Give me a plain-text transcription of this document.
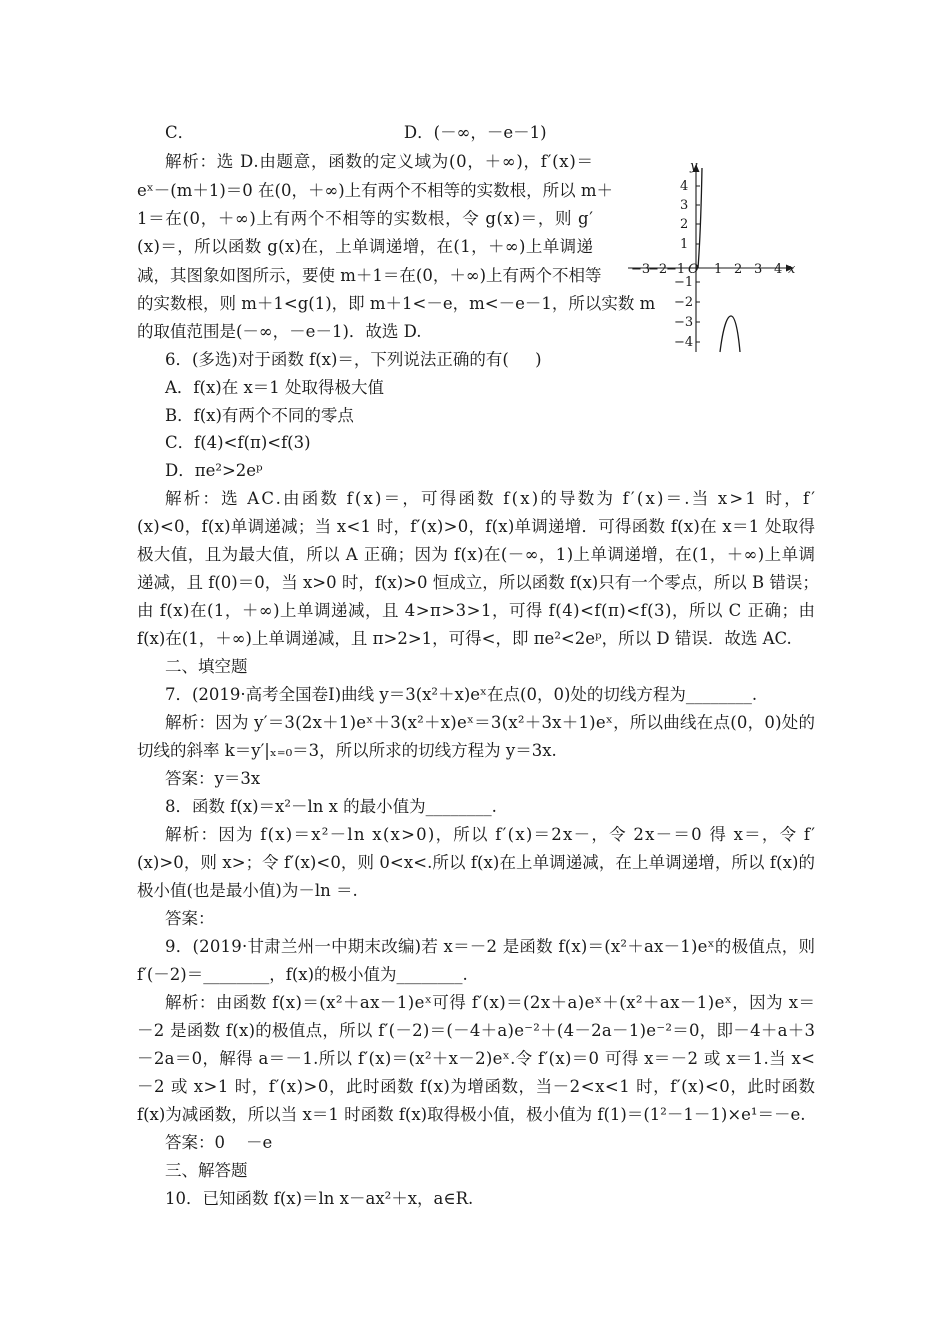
C．                                        D．(－∞，－e－1)
解析：选 D.由题意，函数的定义域为(0，＋∞)，f′(x)＝
eˣ－(m＋1)＝0 在(0，＋∞)上有两个不相等的实数根，所以 m＋
1＝在(0，＋∞)上有两个不相等的实数根，令 g(x)＝，则 g′
(x)＝，所以函数 g(x)在，上单调递增，在(1，＋∞)上单调递
减，其图象如图所示，要使 m＋1＝在(0，＋∞)上有两个不相等
的实数根，则 m＋1<g(1)，即 m＋1<－e，m<－e－1，所以实数 m
的取值范围是(－∞，－e－1)．故选 D.
6．(多选)对于函数 f(x)＝，下列说法正确的有(     )
A．f(x)在 x＝1 处取得极大值
B．f(x)有两个不同的零点
C．f(4)<f(π)<f(3)
D．πe²>2eᵖ
解析：选 AC.由函数 f(x)＝，可得函数 f(x)的导数为 f′(x)＝.当 x>1 时，f′
(x)<0，f(x)单调递减；当 x<1 时，f′(x)>0，f(x)单调递增．可得函数 f(x)在 x＝1 处取得
极大值，且为最大值，所以 A 正确；因为 f(x)在(－∞，1)上单调递增，在(1，＋∞)上单调
递减，且 f(0)＝0，当 x>0 时，f(x)>0 恒成立，所以函数 f(x)只有一个零点，所以 B 错误；
由 f(x)在(1，＋∞)上单调递减，且 4>π>3>1，可得 f(4)<f(π)<f(3)，所以 C 正确；由
f(x)在(1，＋∞)上单调递减，且 π>2>1，可得<，即 πe²<2eᵖ，所以 D 错误．故选 AC.
二、填空题
7．(2019·高考全国卷Ⅰ)曲线 y＝3(x²＋x)eˣ在点(0，0)处的切线方程为________.
解析：因为 y′＝3(2x＋1)eˣ＋3(x²＋x)eˣ＝3(x²＋3x＋1)eˣ，所以曲线在点(0，0)处的
切线的斜率 k＝y′|ₓ₌₀＝3，所以所求的切线方程为 y＝3x.
答案：y＝3x
8．函数 f(x)＝x²－ln x 的最小值为________.
解析：因为 f(x)＝x²－ln x(x>0)，所以 f′(x)＝2x－，令 2x－＝0 得 x＝，令 f′
(x)>0，则 x>；令 f′(x)<0，则 0<x<.所以 f(x)在上单调递减，在上单调递增，所以 f(x)的
极小值(也是最小值)为－ln ＝.
答案：
9．(2019·甘肃兰州一中期末改编)若 x＝－2 是函数 f(x)＝(x²＋ax－1)eˣ的极值点，则
f′(－2)＝________，f(x)的极小值为________.
解析：由函数 f(x)＝(x²＋ax－1)eˣ可得 f′(x)＝(2x＋a)eˣ＋(x²＋ax－1)eˣ，因为 x＝
－2 是函数 f(x)的极值点，所以 f′(－2)＝(－4＋a)e⁻²＋(4－2a－1)e⁻²＝0，即－4＋a＋3
－2a＝0，解得 a＝－1.所以 f′(x)＝(x²＋x－2)eˣ.令 f′(x)＝0 可得 x＝－2 或 x＝1.当 x<
－2 或 x>1 时，f′(x)>0，此时函数 f(x)为增函数，当－2<x<1 时，f′(x)<0，此时函数
f(x)为减函数，所以当 x＝1 时函数 f(x)取得极小值，极小值为 f(1)＝(1²－1－1)×e¹＝－e.
答案：0    －e
三、解答题
10．已知函数 f(x)＝ln x－ax²＋x，a∈R.
y
x
O
−3
−2
−1 1 2 3 4
4
3
2
1
−1
−2
−3
−4
